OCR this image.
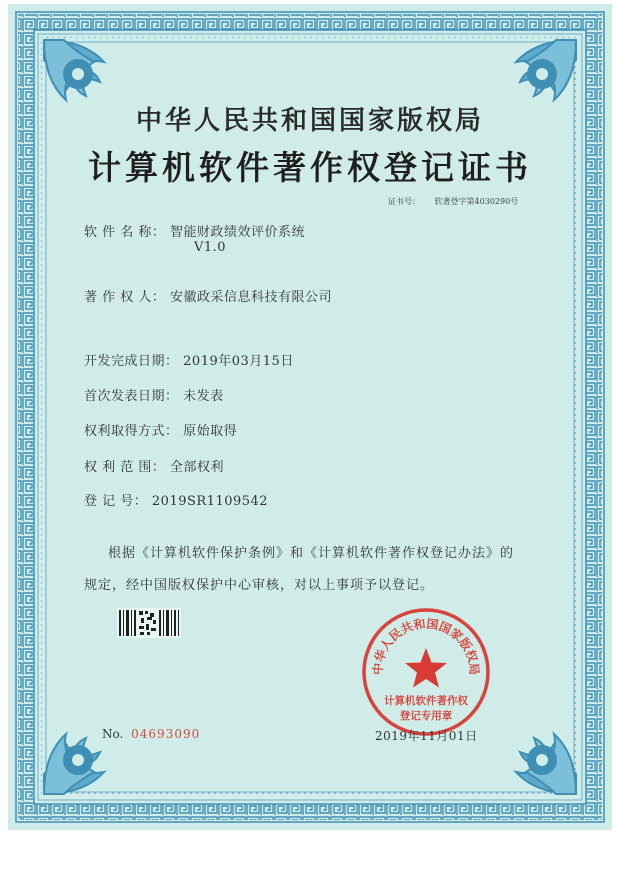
中华人民共和国国家版权局
计算机软件著作权登记证书
证书号： 软著登字第4030290号
软 件 名 称： 智能财政绩效评价系统
V1.0
著 作 权 人： 安徽政采信息科技有限公司
开发完成日期： 2019年03月15日
首次发表日期： 未发表
权利取得方式： 原始取得
权 利 范 围： 全部权利
登 记 号： 2019SR1109542
根据《计算机软件保护条例》和《计算机软件著作权登记办法》的
规定，经中国版权保护中心审核，对以上事项予以登记。
中华人民共和国国家版权局
计算机软件著作权
登记专用章
No. 04693090	2019年11月01日
